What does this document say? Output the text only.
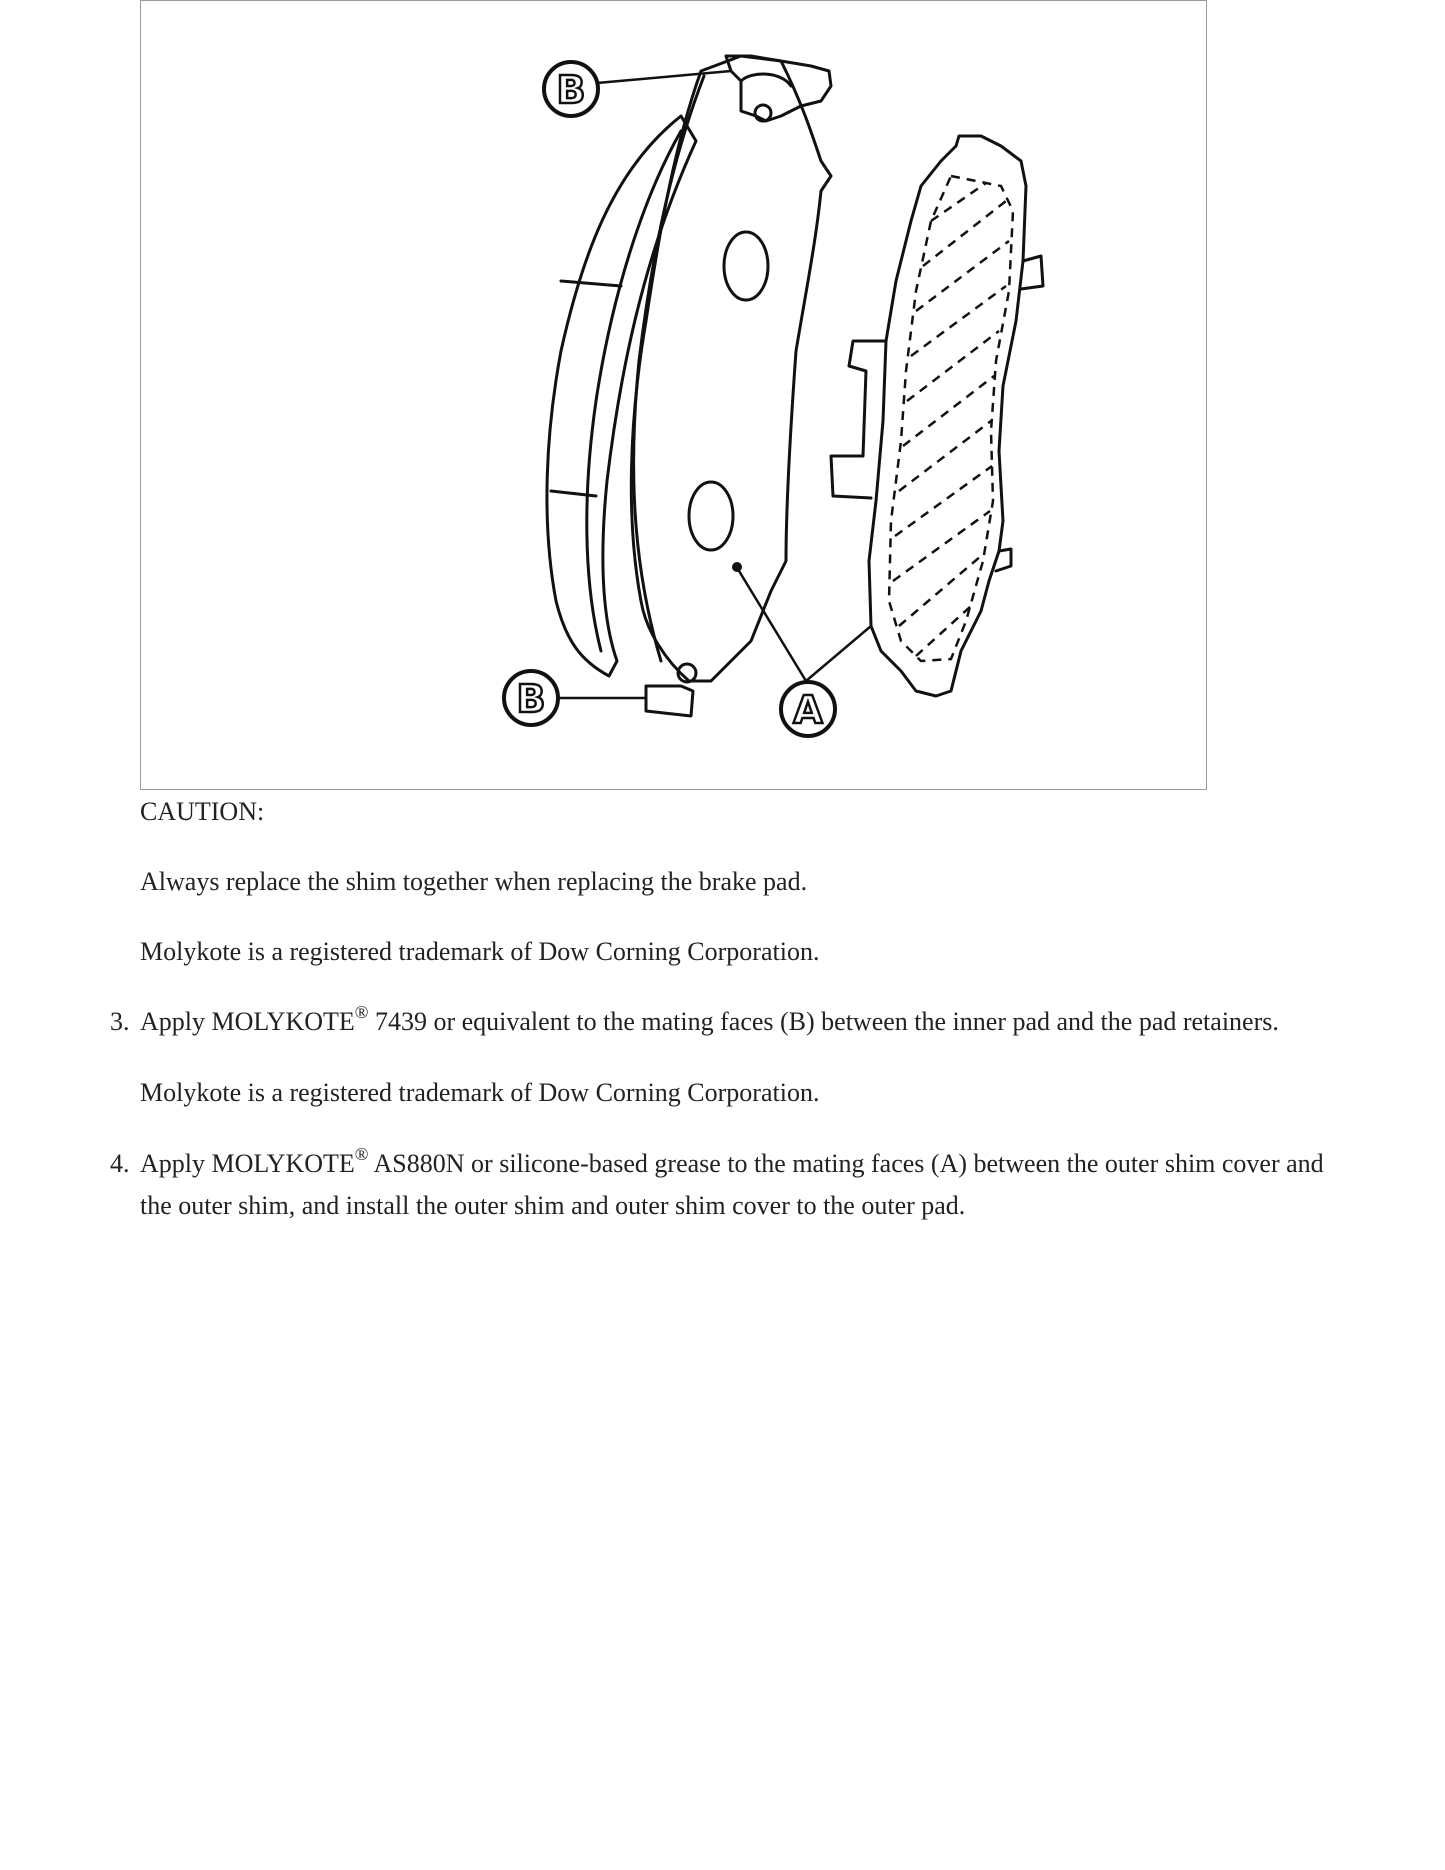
B
B	A
CAUTION:
Always replace the shim together when replacing the brake pad.
Molykote is a registered trademark of Dow Corning Corporation.
3. Apply MOLYKOTE® 7439 or equivalent to the mating faces (B) between the inner pad and the pad retainers.
Molykote is a registered trademark of Dow Corning Corporation.
4. Apply MOLYKOTE® AS880N or silicone-based grease to the mating faces (A) between the outer shim cover and the outer shim, and install the outer shim and outer shim cover to the outer pad.
